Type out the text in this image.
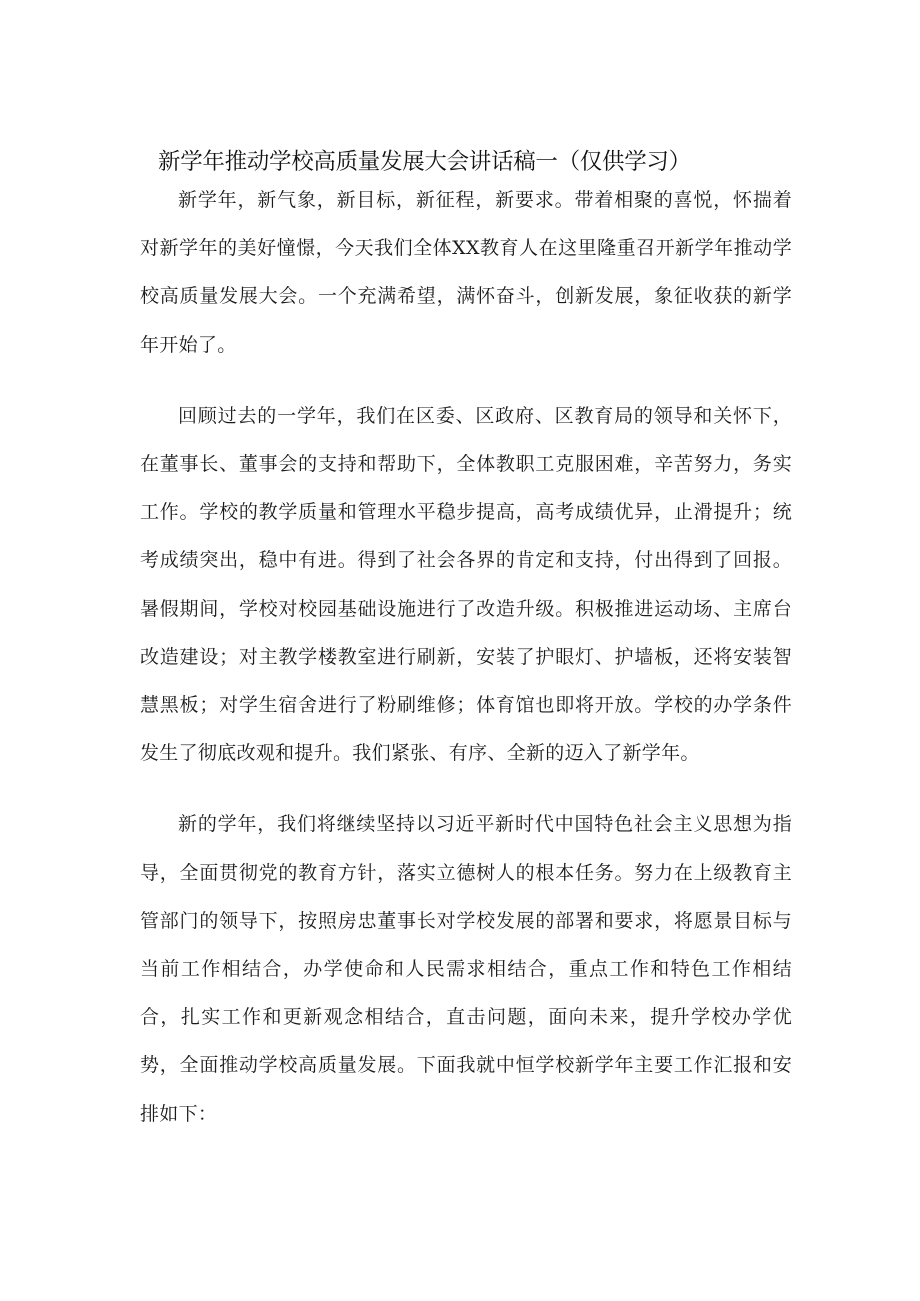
新学年推动学校高质量发展大会讲话稿一（仅供学习）

新学年，新气象，新目标，新征程，新要求。带着相聚的喜悦，怀揣着对新学年的美好憧憬，今天我们全体XX教育人在这里隆重召开新学年推动学校高质量发展大会。一个充满希望，满怀奋斗，创新发展，象征收获的新学年开始了。

回顾过去的一学年，我们在区委、区政府、区教育局的领导和关怀下，在董事长、董事会的支持和帮助下，全体教职工克服困难，辛苦努力，务实工作。学校的教学质量和管理水平稳步提高，高考成绩优异，止滑提升；统考成绩突出，稳中有进。得到了社会各界的肯定和支持，付出得到了回报。暑假期间，学校对校园基础设施进行了改造升级。积极推进运动场、主席台改造建设；对主教学楼教室进行刷新，安装了护眼灯、护墙板，还将安装智慧黑板；对学生宿舍进行了粉刷维修；体育馆也即将开放。学校的办学条件发生了彻底改观和提升。我们紧张、有序、全新的迈入了新学年。

新的学年，我们将继续坚持以习近平新时代中国特色社会主义思想为指导，全面贯彻党的教育方针，落实立德树人的根本任务。努力在上级教育主管部门的领导下，按照房忠董事长对学校发展的部署和要求，将愿景目标与当前工作相结合，办学使命和人民需求相结合，重点工作和特色工作相结合，扎实工作和更新观念相结合，直击问题，面向未来，提升学校办学优势，全面推动学校高质量发展。下面我就中恒学校新学年主要工作汇报和安排如下：
